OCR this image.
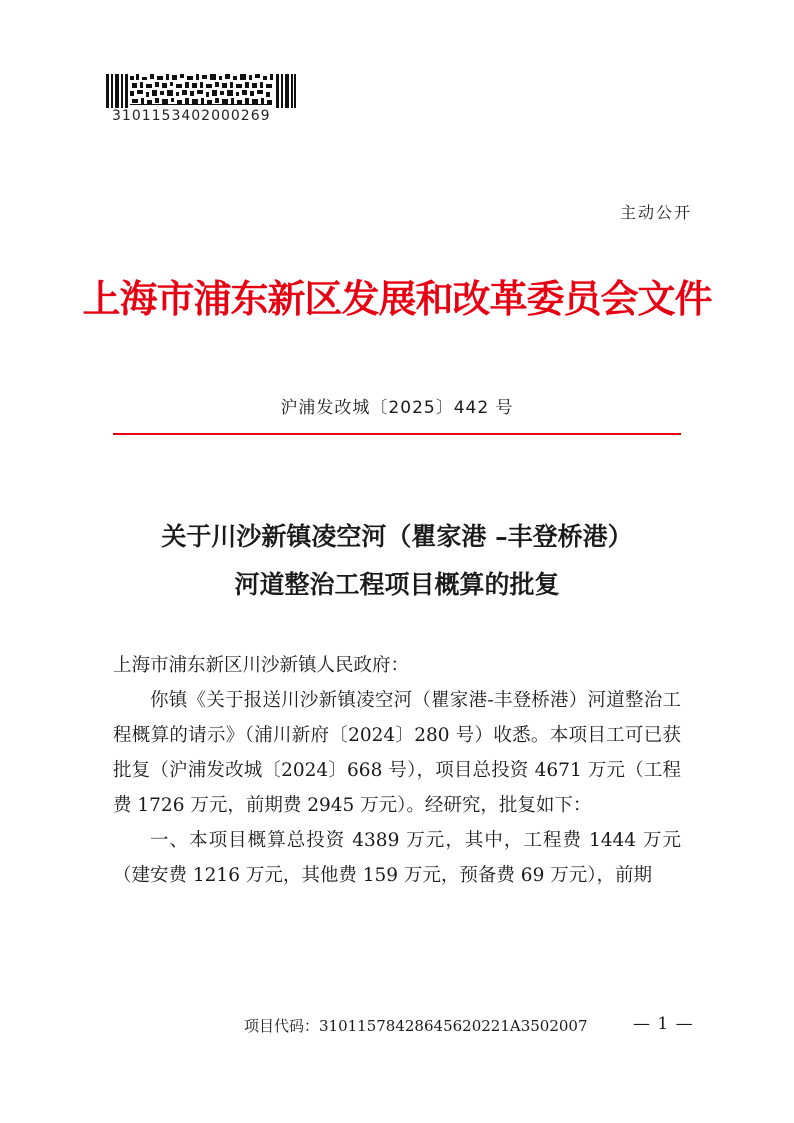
3101153402000269
主动公开
上海市浦东新区发展和改革委员会文件
沪浦发改城〔2025〕442 号
关于川沙新镇凌空河（瞿家港 –丰登桥港）
河道整治工程项目概算的批复

上海市浦东新区川沙新镇人民政府：

你镇《关于报送川沙新镇凌空河（瞿家港-丰登桥港）河道整治工程概算的请示》（浦川新府〔2024〕280 号）收悉。本项目工可已获批复（沪浦发改城〔2024〕668 号），项目总投资 4671 万元（工程费 1726 万元，前期费 2945 万元）。经研究，批复如下：

一、本项目概算总投资 4389 万元，其中，工程费 1444 万元（建安费 1216 万元，其他费 159 万元，预备费 69 万元），前期

项目代码：31011578428645620221A3502007	— 1 —
